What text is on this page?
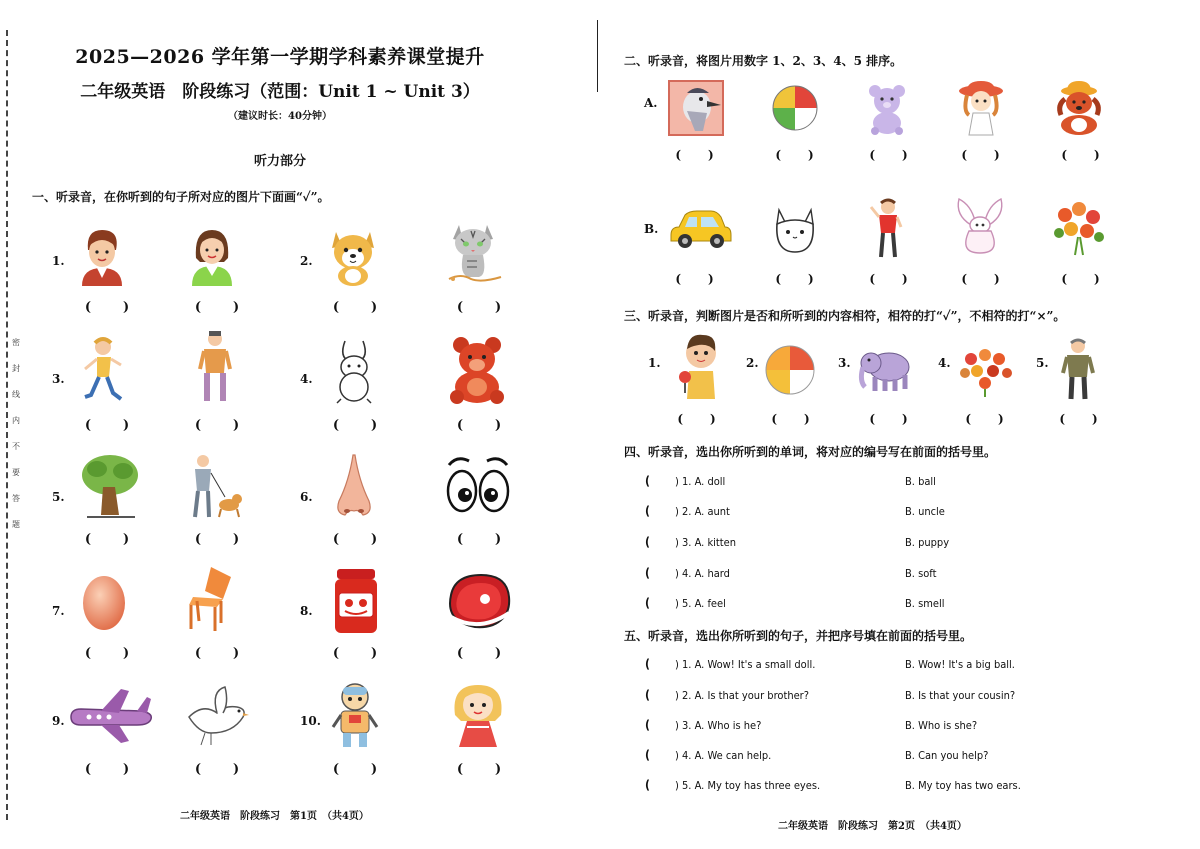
密 封 线 内 不 要 答 题
2025—2026 学年第一学期学科素养课堂提升
二年级英语　阶段练习（范围：Unit 1 ~ Unit 3）
（建议时长：40分钟）
听力部分
一、听录音，在你听到的句子所对应的图片下面画“✓”。
1.	2.
(　　)	(　　)	(　　)	(　　)
3.	4.
(　　)	(　　)	(　　)	(　　)
5.	6.
(　　)	(　　)	(　　)	(　　)
7.	8.
(　　)	(　　)	(　　)	(　　)
9.	10.
(　　)	(　　)	(　　)	(　　)
二年级英语　阶段练习　第1页　（共4页）
二、听录音，将图片用数字 1、2、3、4、5 排序。
A.
(　　)	(　　)	(　　)	(　　)	(　　)
B.
(　　)	(　　)	(　　)	(　　)	(　　)
三、听录音，判断图片是否和所听到的内容相符，相符的打“✓”，不相符的打“×”。
1.	2.	3.	4.	5.
(　　)	(　　)	(　　)	(　　)	(　　)
四、听录音，选出你所听到的单词，将对应的编号写在前面的括号里。
( ) 1. A. doll	B. ball
( ) 2. A. aunt	B. uncle
( ) 3. A. kitten	B. puppy
( ) 4. A. hard	B. soft
( ) 5. A. feel	B. smell
五、听录音，选出你所听到的句子，并把序号填在前面的括号里。
( ) 1. A. Wow! It's a small doll.	B. Wow! It's a big ball.
( ) 2. A. Is that your brother?	B. Is that your cousin?
( ) 3. A. Who is he?	B. Who is she?
( ) 4. A. We can help.	B. Can you help?
( ) 5. A. My toy has three eyes.	B. My toy has two ears.
二年级英语　阶段练习　第2页　（共4页）
